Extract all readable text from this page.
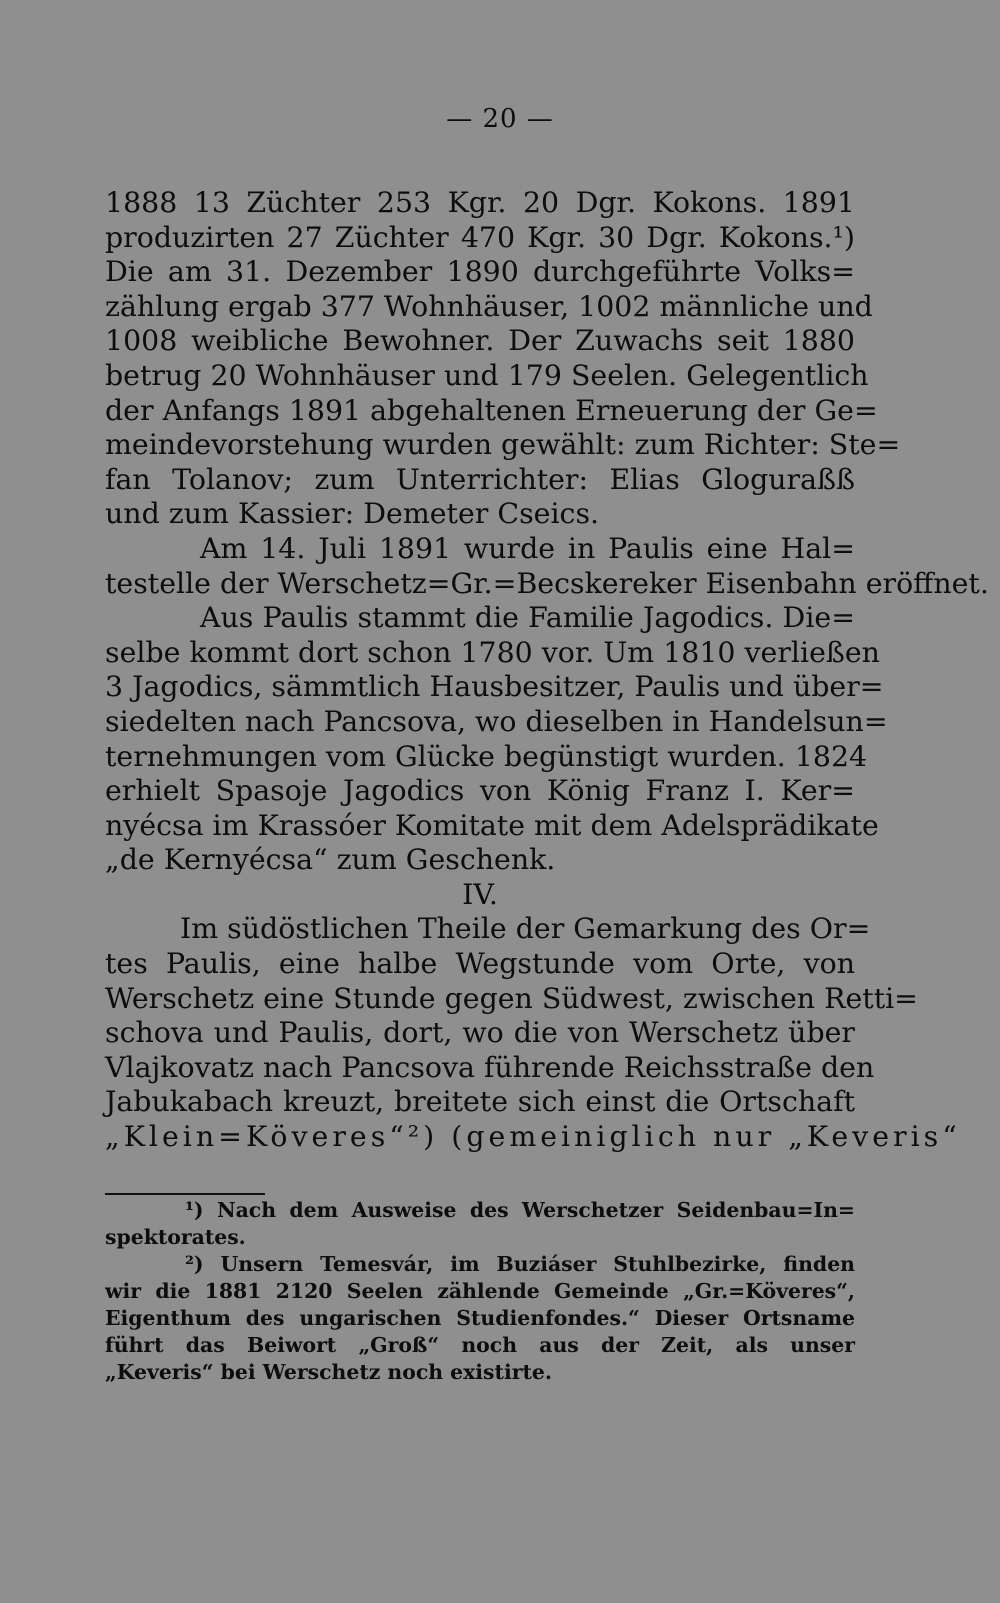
— 20 —
1888 13 Züchter 253 Kgr. 20 Dgr. Kokons. 1891
produzirten 27 Züchter 470 Kgr. 30 Dgr. Kokons.¹)
Die am 31. Dezember 1890 durchgeführte Volks=
zählung ergab 377 Wohnhäuser, 1002 männliche und
1008 weibliche Bewohner. Der Zuwachs seit 1880
betrug 20 Wohnhäuser und 179 Seelen. Gelegentlich
der Anfangs 1891 abgehaltenen Erneuerung der Ge=
meindevorstehung wurden gewählt: zum Richter: Ste=
fan Tolanov; zum Unterrichter: Elias Gloguraßß
und zum Kassier: Demeter Cseics.
Am 14. Juli 1891 wurde in Paulis eine Hal=
testelle der Werschetz=Gr.=Becskereker Eisenbahn eröffnet.
Aus Paulis stammt die Familie Jagodics. Die=
selbe kommt dort schon 1780 vor. Um 1810 verließen
3 Jagodics, sämmtlich Hausbesitzer, Paulis und über=
siedelten nach Pancsova, wo dieselben in Handelsun=
ternehmungen vom Glücke begünstigt wurden. 1824
erhielt Spasoje Jagodics von König Franz I. Ker=
nyécsa im Krassóer Komitate mit dem Adelsprädikate
„de Kernyécsa“ zum Geschenk.
IV.
Im südöstlichen Theile der Gemarkung des Or=
tes Paulis, eine halbe Wegstunde vom Orte, von
Werschetz eine Stunde gegen Südwest, zwischen Retti=
schova und Paulis, dort, wo die von Werschetz über
Vlajkovatz nach Pancsova führende Reichsstraße den
Jabukabach kreuzt, breitete sich einst die Ortschaft
„Klein=Köveres“²) (gemeiniglich nur „Keveris“
¹) Nach dem Ausweise des Werschetzer Seidenbau=In=
spektorates.
²) Unsern Temesvár, im Buziáser Stuhlbezirke, finden
wir die 1881 2120 Seelen zählende Gemeinde „Gr.=Köveres“,
Eigenthum des ungarischen Studienfondes.“ Dieser Ortsname
führt das Beiwort „Groß“ noch aus der Zeit, als unser
„Keveris“ bei Werschetz noch existirte.
